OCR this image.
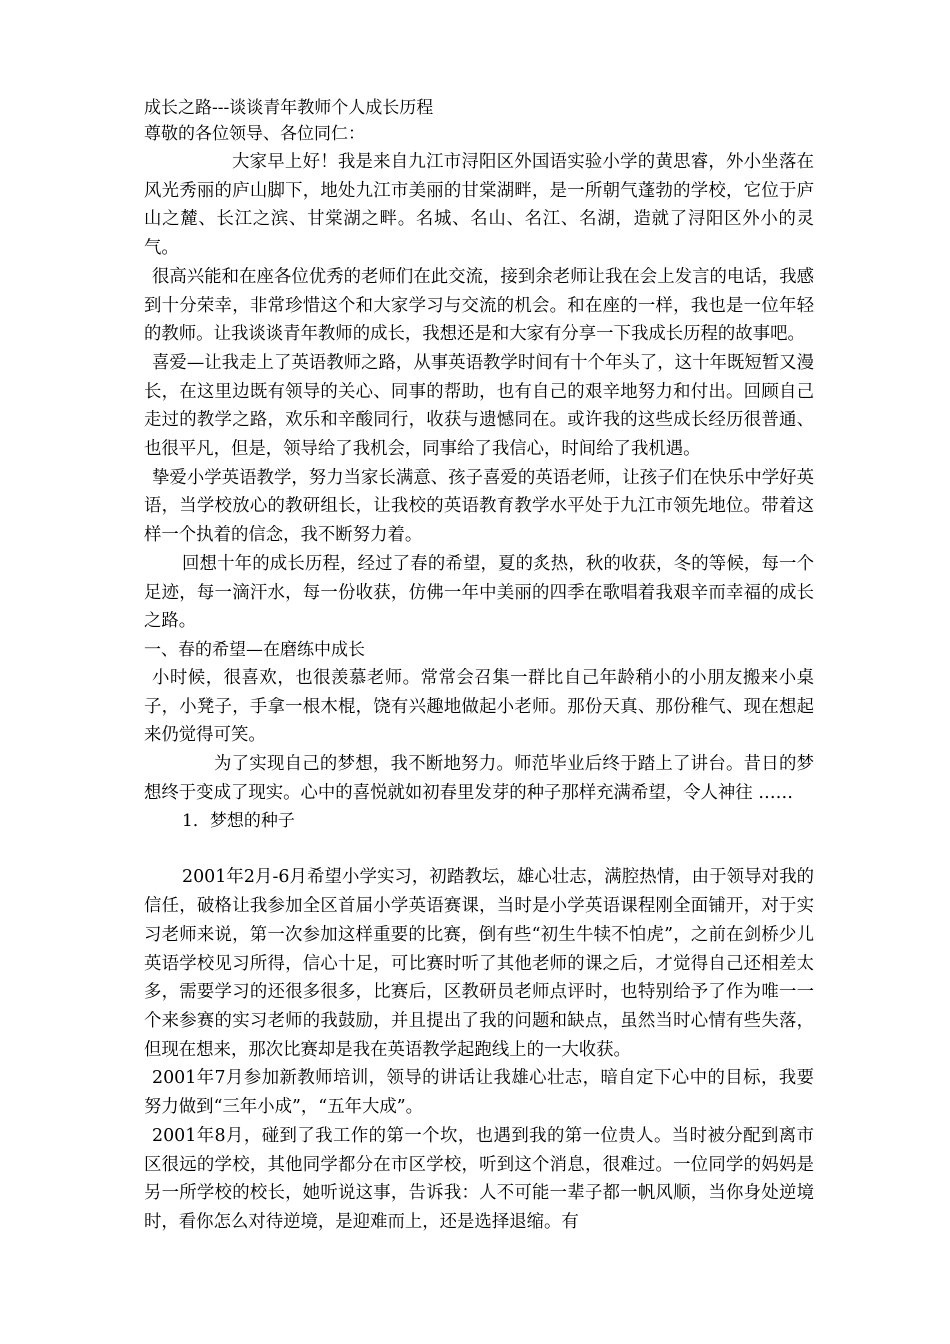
成长之路---谈谈青年教师个人成长历程
尊敬的各位领导、各位同仁：

大家早上好！我是来自九江市浔阳区外国语实验小学的黄思睿，外小坐落在风光秀丽的庐山脚下，地处九江市美丽的甘棠湖畔，是一所朝气蓬勃的学校，它位于庐山之麓、长江之滨、甘棠湖之畔。名城、名山、名江、名湖，造就了浔阳区外小的灵气。

很高兴能和在座各位优秀的老师们在此交流，接到余老师让我在会上发言的电话，我感到十分荣幸，非常珍惜这个和大家学习与交流的机会。和在座的一样，我也是一位年轻的教师。让我谈谈青年教师的成长，我想还是和大家有分享一下我成长历程的故事吧。

喜爱—让我走上了英语教师之路，从事英语教学时间有十个年头了，这十年既短暂又漫长，在这里边既有领导的关心、同事的帮助，也有自己的艰辛地努力和付出。回顾自己走过的教学之路，欢乐和辛酸同行，收获与遗憾同在。或许我的这些成长经历很普通、也很平凡，但是，领导给了我机会，同事给了我信心，时间给了我机遇。

挚爱小学英语教学，努力当家长满意、孩子喜爱的英语老师，让孩子们在快乐中学好英语，当学校放心的教研组长，让我校的英语教育教学水平处于九江市领先地位。带着这样一个执着的信念，我不断努力着。

回想十年的成长历程，经过了春的希望，夏的炙热，秋的收获，冬的等候，每一个足迹，每一滴汗水，每一份收获，仿佛一年中美丽的四季在歌唱着我艰辛而幸福的成长之路。

一、春的希望—在磨练中成长

小时候，很喜欢，也很羡慕老师。常常会召集一群比自己年龄稍小的小朋友搬来小桌子，小凳子，手拿一根木棍，饶有兴趣地做起小老师。那份天真、那份稚气、现在想起来仍觉得可笑。

为了实现自己的梦想，我不断地努力。师范毕业后终于踏上了讲台。昔日的梦想终于变成了现实。心中的喜悦就如初春里发芽的种子那样充满希望，令人神往 ……

1．梦想的种子

2001年2月-6月希望小学实习，初踏教坛，雄心壮志，满腔热情，由于领导对我的信任，破格让我参加全区首届小学英语赛课，当时是小学英语课程刚全面铺开，对于实习老师来说，第一次参加这样重要的比赛，倒有些“初生牛犊不怕虎”，之前在剑桥少儿英语学校见习所得，信心十足，可比赛时听了其他老师的课之后，才觉得自己还相差太多，需要学习的还很多很多，比赛后，区教研员老师点评时，也特别给予了作为唯一一个来参赛的实习老师的我鼓励，并且提出了我的问题和缺点，虽然当时心情有些失落，但现在想来，那次比赛却是我在英语教学起跑线上的一大收获。

2001年7月参加新教师培训，领导的讲话让我雄心壮志，暗自定下心中的目标，我要努力做到“三年小成”，“五年大成”。

2001年8月，碰到了我工作的第一个坎，也遇到我的第一位贵人。当时被分配到离市区很远的学校，其他同学都分在市区学校，听到这个消息，很难过。一位同学的妈妈是另一所学校的校长，她听说这事，告诉我：人不可能一辈子都一帆风顺，当你身处逆境时，看你怎么对待逆境，是迎难而上，还是选择退缩。有
